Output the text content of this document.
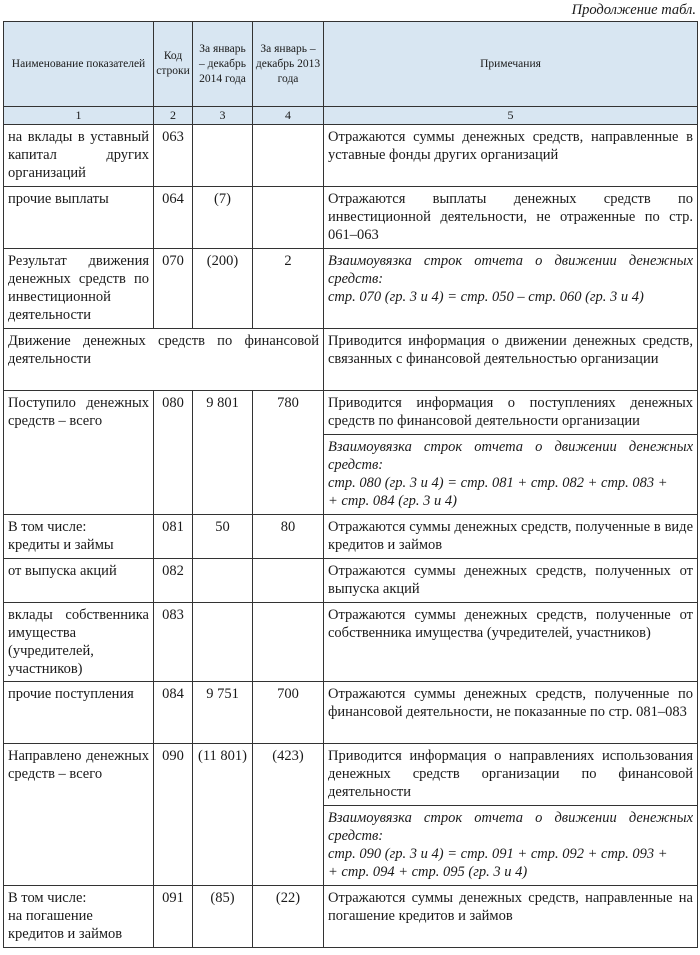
Продолжение табл.
Наименование показателей	Код строки	За январь – декабрь 2014 года	За январь – декабрь 2013 года	Примечания
1	2	3	4	5
на вклады в уставный капитал других организаций	063			Отражаются суммы денежных средств, направленные в уставные фонды других организаций
прочие выплаты	064	(7)		Отражаются выплаты денежных средств по инвестиционной деятельности, не отраженные по стр. 061–063
Результат движения денежных средств по инвестиционной деятельности	070	(200)	2	Взаимоувязка строк отчета о движении денежных средств:
стр. 070 (гр. 3 и 4) = стр. 050 – стр. 060 (гр. 3 и 4)

Движение денежных средств по финансовой деятельности				Приводится информация о движении денежных средств, связанных с финансовой деятельностью организации
Поступило денежных средств – всего	080	9 801	780	Приводится информация о поступлениях денежных средств по финансовой деятельности организации

				Взаимоувязка строк отчета о движении денежных средств:
стр. 080 (гр. 3 и 4) = стр. 081 + стр. 082 + стр. 083 +
+ стр. 084 (гр. 3 и 4)

В том числе:
кредиты и займы	081	50	80	Отражаются суммы денежных средств, полученные в виде кредитов и займов
от выпуска акций	082			Отражаются суммы денежных средств, полученных от выпуска акций
вклады собственника имущества (учредителей, участников)	083			Отражаются суммы денежных средств, полученные от собственника имущества (учредителей, участников)
прочие поступления	084	9 751	700	Отражаются суммы денежных средств, полученные по финансовой деятельности, не показанные по стр. 081–083
Направлено денежных средств – всего	090	(11 801)	(423)	Приводится информация о направлениях использования денежных средств организации по финансовой деятельности

				Взаимоувязка строк отчета о движении денежных средств:
стр. 090 (гр. 3 и 4) = стр. 091 + стр. 092 + стр. 093 +
+ стр. 094 + стр. 095 (гр. 3 и 4)

В том числе:
на погашение кредитов и займов	091	(85)	(22)	Отражаются суммы денежных средств, направленные на погашение кредитов и займов
